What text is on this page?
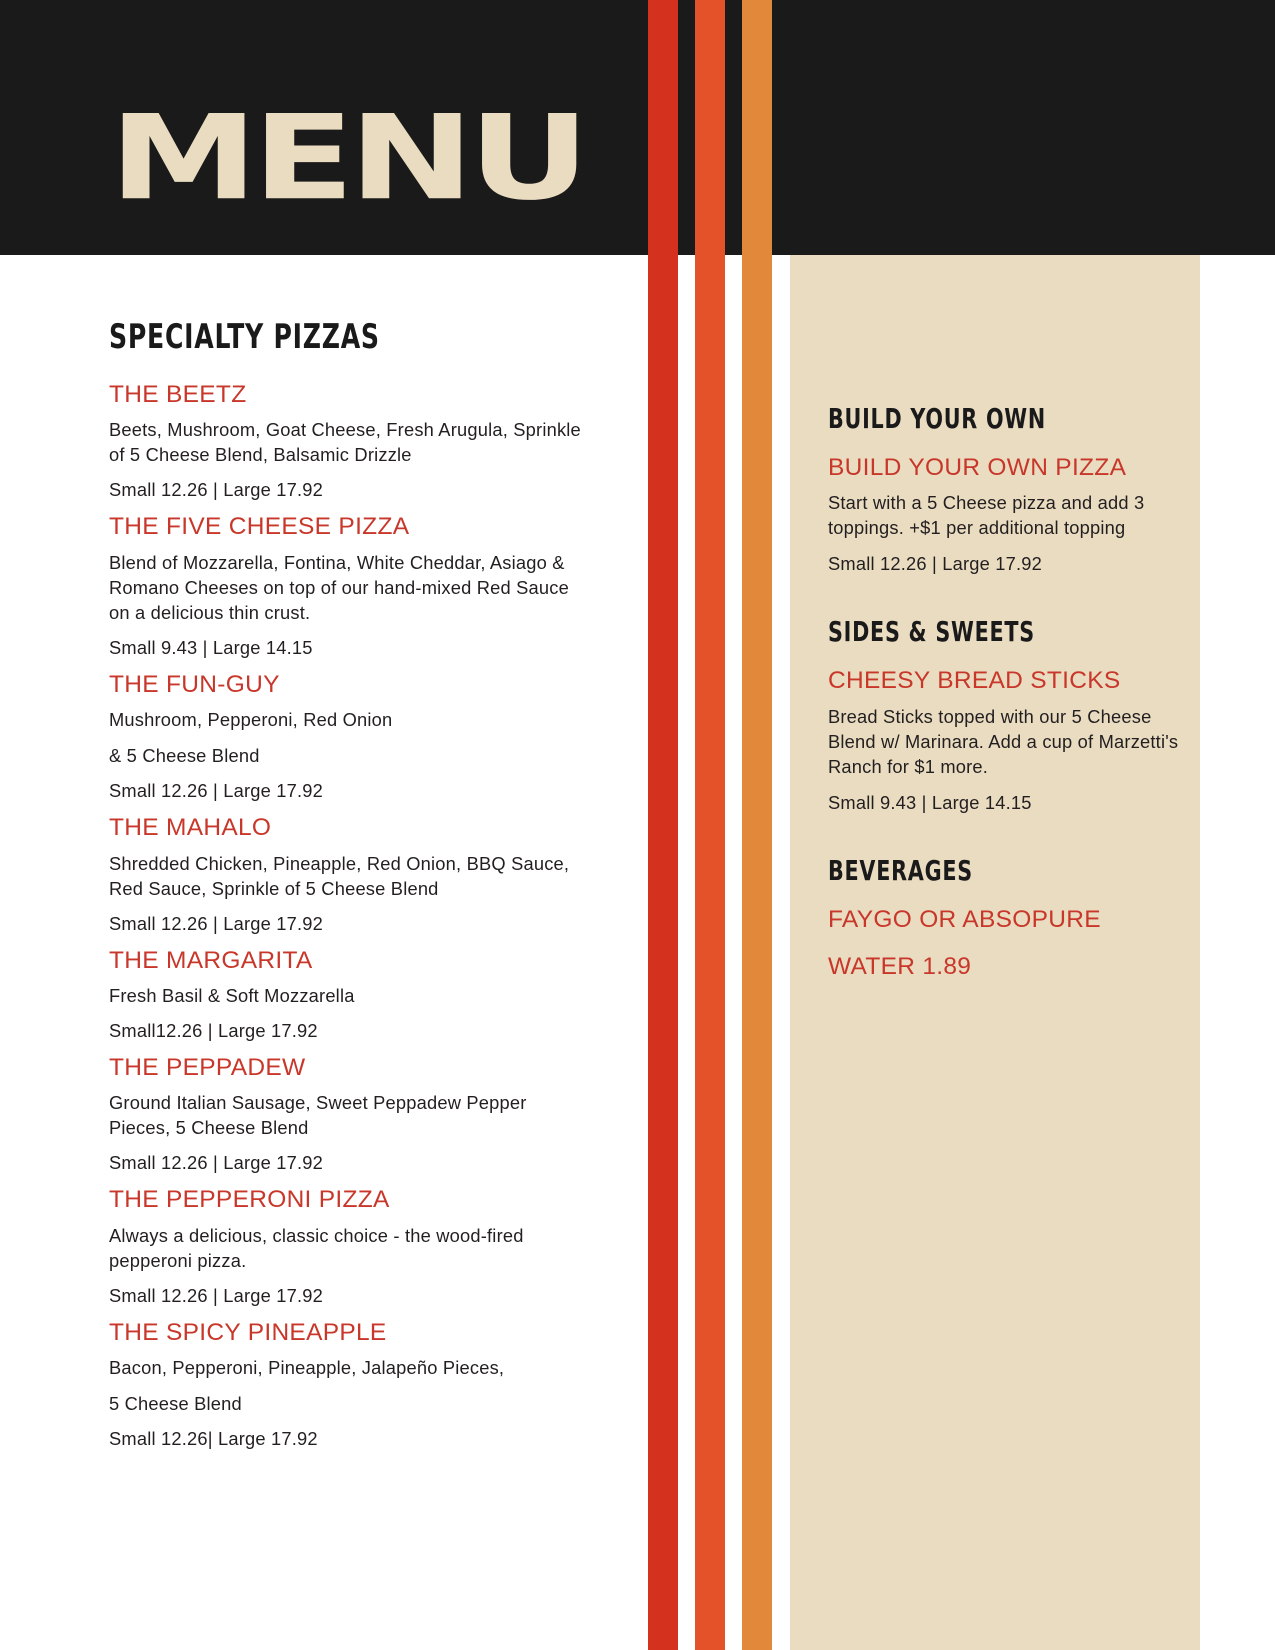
MENU
SPECIALTY PIZZAS

THE BEETZ

Beets, Mushroom, Goat Cheese, Fresh Arugula, Sprinkle of 5 Cheese Blend, Balsamic Drizzle

Small 12.26 | Large 17.92

THE FIVE CHEESE PIZZA

Blend of Mozzarella, Fontina, White Cheddar, Asiago & Romano Cheeses on top of our hand-mixed Red Sauce on a delicious thin crust.

Small 9.43 | Large 14.15

THE FUN-GUY

Mushroom, Pepperoni, Red Onion

& 5 Cheese Blend

Small 12.26 | Large 17.92

THE MAHALO

Shredded Chicken, Pineapple, Red Onion, BBQ Sauce, Red Sauce, Sprinkle of 5 Cheese Blend

Small 12.26 | Large 17.92

THE MARGARITA

Fresh Basil & Soft Mozzarella

Small12.26 | Large 17.92

THE PEPPADEW

Ground Italian Sausage, Sweet Peppadew Pepper Pieces, 5 Cheese Blend

Small 12.26 | Large 17.92

THE PEPPERONI PIZZA

Always a delicious, classic choice - the wood-fired pepperoni pizza.

Small 12.26 | Large 17.92

THE SPICY PINEAPPLE

Bacon, Pepperoni, Pineapple, Jalapeño Pieces,

5 Cheese Blend

Small 12.26| Large 17.92

BUILD YOUR OWN

BUILD YOUR OWN PIZZA

Start with a 5 Cheese pizza and add 3 toppings. +$1 per additional topping

Small 12.26 | Large 17.92

SIDES & SWEETS

CHEESY BREAD STICKS

Bread Sticks topped with our 5 Cheese Blend w/ Marinara. Add a cup of Marzetti's Ranch for $1 more.

Small 9.43 | Large 14.15

BEVERAGES

FAYGO OR ABSOPURE

WATER 1.89
